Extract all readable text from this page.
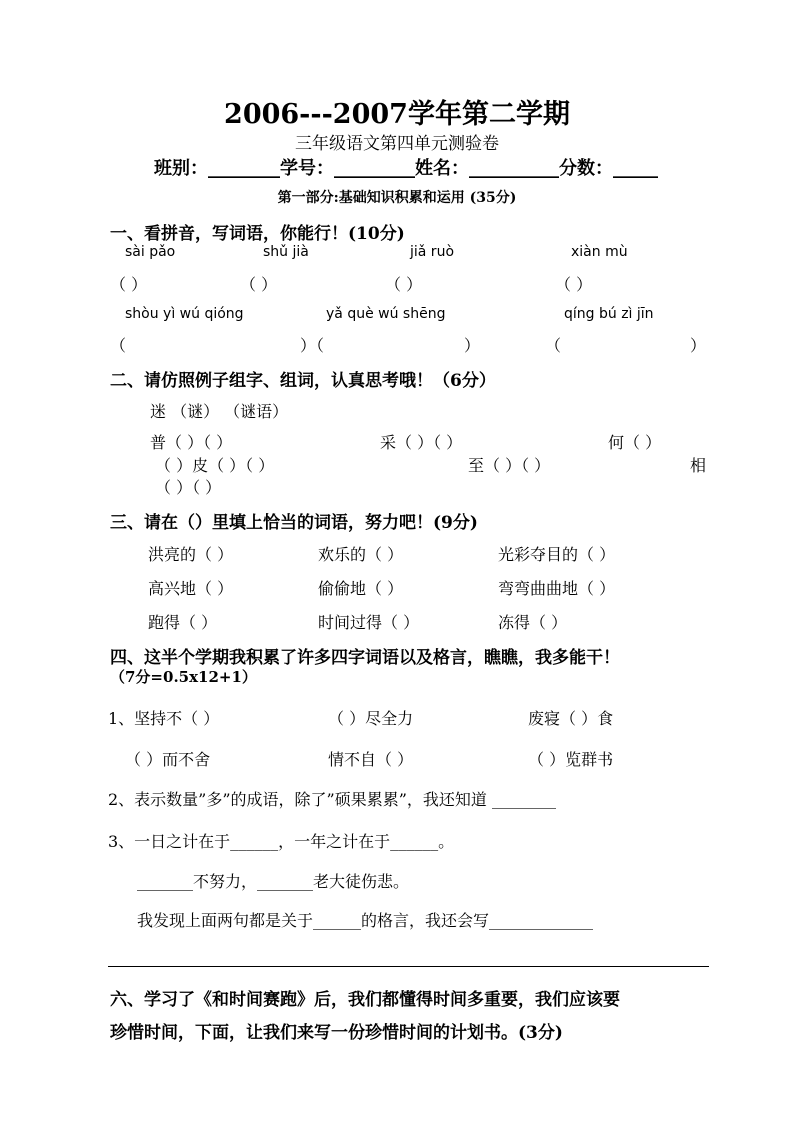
2006---2007学年第二学期
三年级语文第四单元测验卷
班别：________学号：_________姓名：__________分数：_____
第一部分:基础知识积累和运用 (35分)
一、看拼音，写词语，你能行！(10分)
sài pǎo	shǔ jià	jiǎ ruò	xiàn mù
（ ）	（ ）	（ ）	（ ）
shòu yì wú qióng	yǎ què wú shēng	qíng bú zì jīn
（	）（	）	（	）
二、请仿照例子组字、组词，认真思考哦！（6分）
迷 （谜） （谜语）
普（ ）（ ）	采（ ）（ ）	何（ ）
（ ）皮（ ）（ ）	至（ ）（ ）	相
（ ）（ ）
三、请在（）里填上恰当的词语，努力吧！(9分)
洪亮的（ ）	欢乐的（ ）	光彩夺目的（ ）
高兴地（ ）	偷偷地（ ）	弯弯曲曲地（ ）
跑得（ ）	时间过得（ ）	冻得（ ）
四、这半个学期我积累了许多四字词语以及格言，瞧瞧，我多能干！
（7分=0.5x12+1）
1、坚持不（ ）	（ ）尽全力	废寝（ ）食
（ ）而不舍	情不自（ ）	（ ）览群书
2、表示数量”多”的成语，除了”硕果累累”，我还知道 ________
3、一日之计在于______，一年之计在于______。
_______不努力，_______老大徒伤悲。
我发现上面两句都是关于______的格言，我还会写_____________
六、学习了《和时间赛跑》后，我们都懂得时间多重要，我们应该要
珍惜时间，下面，让我们来写一份珍惜时间的计划书。(3分)
